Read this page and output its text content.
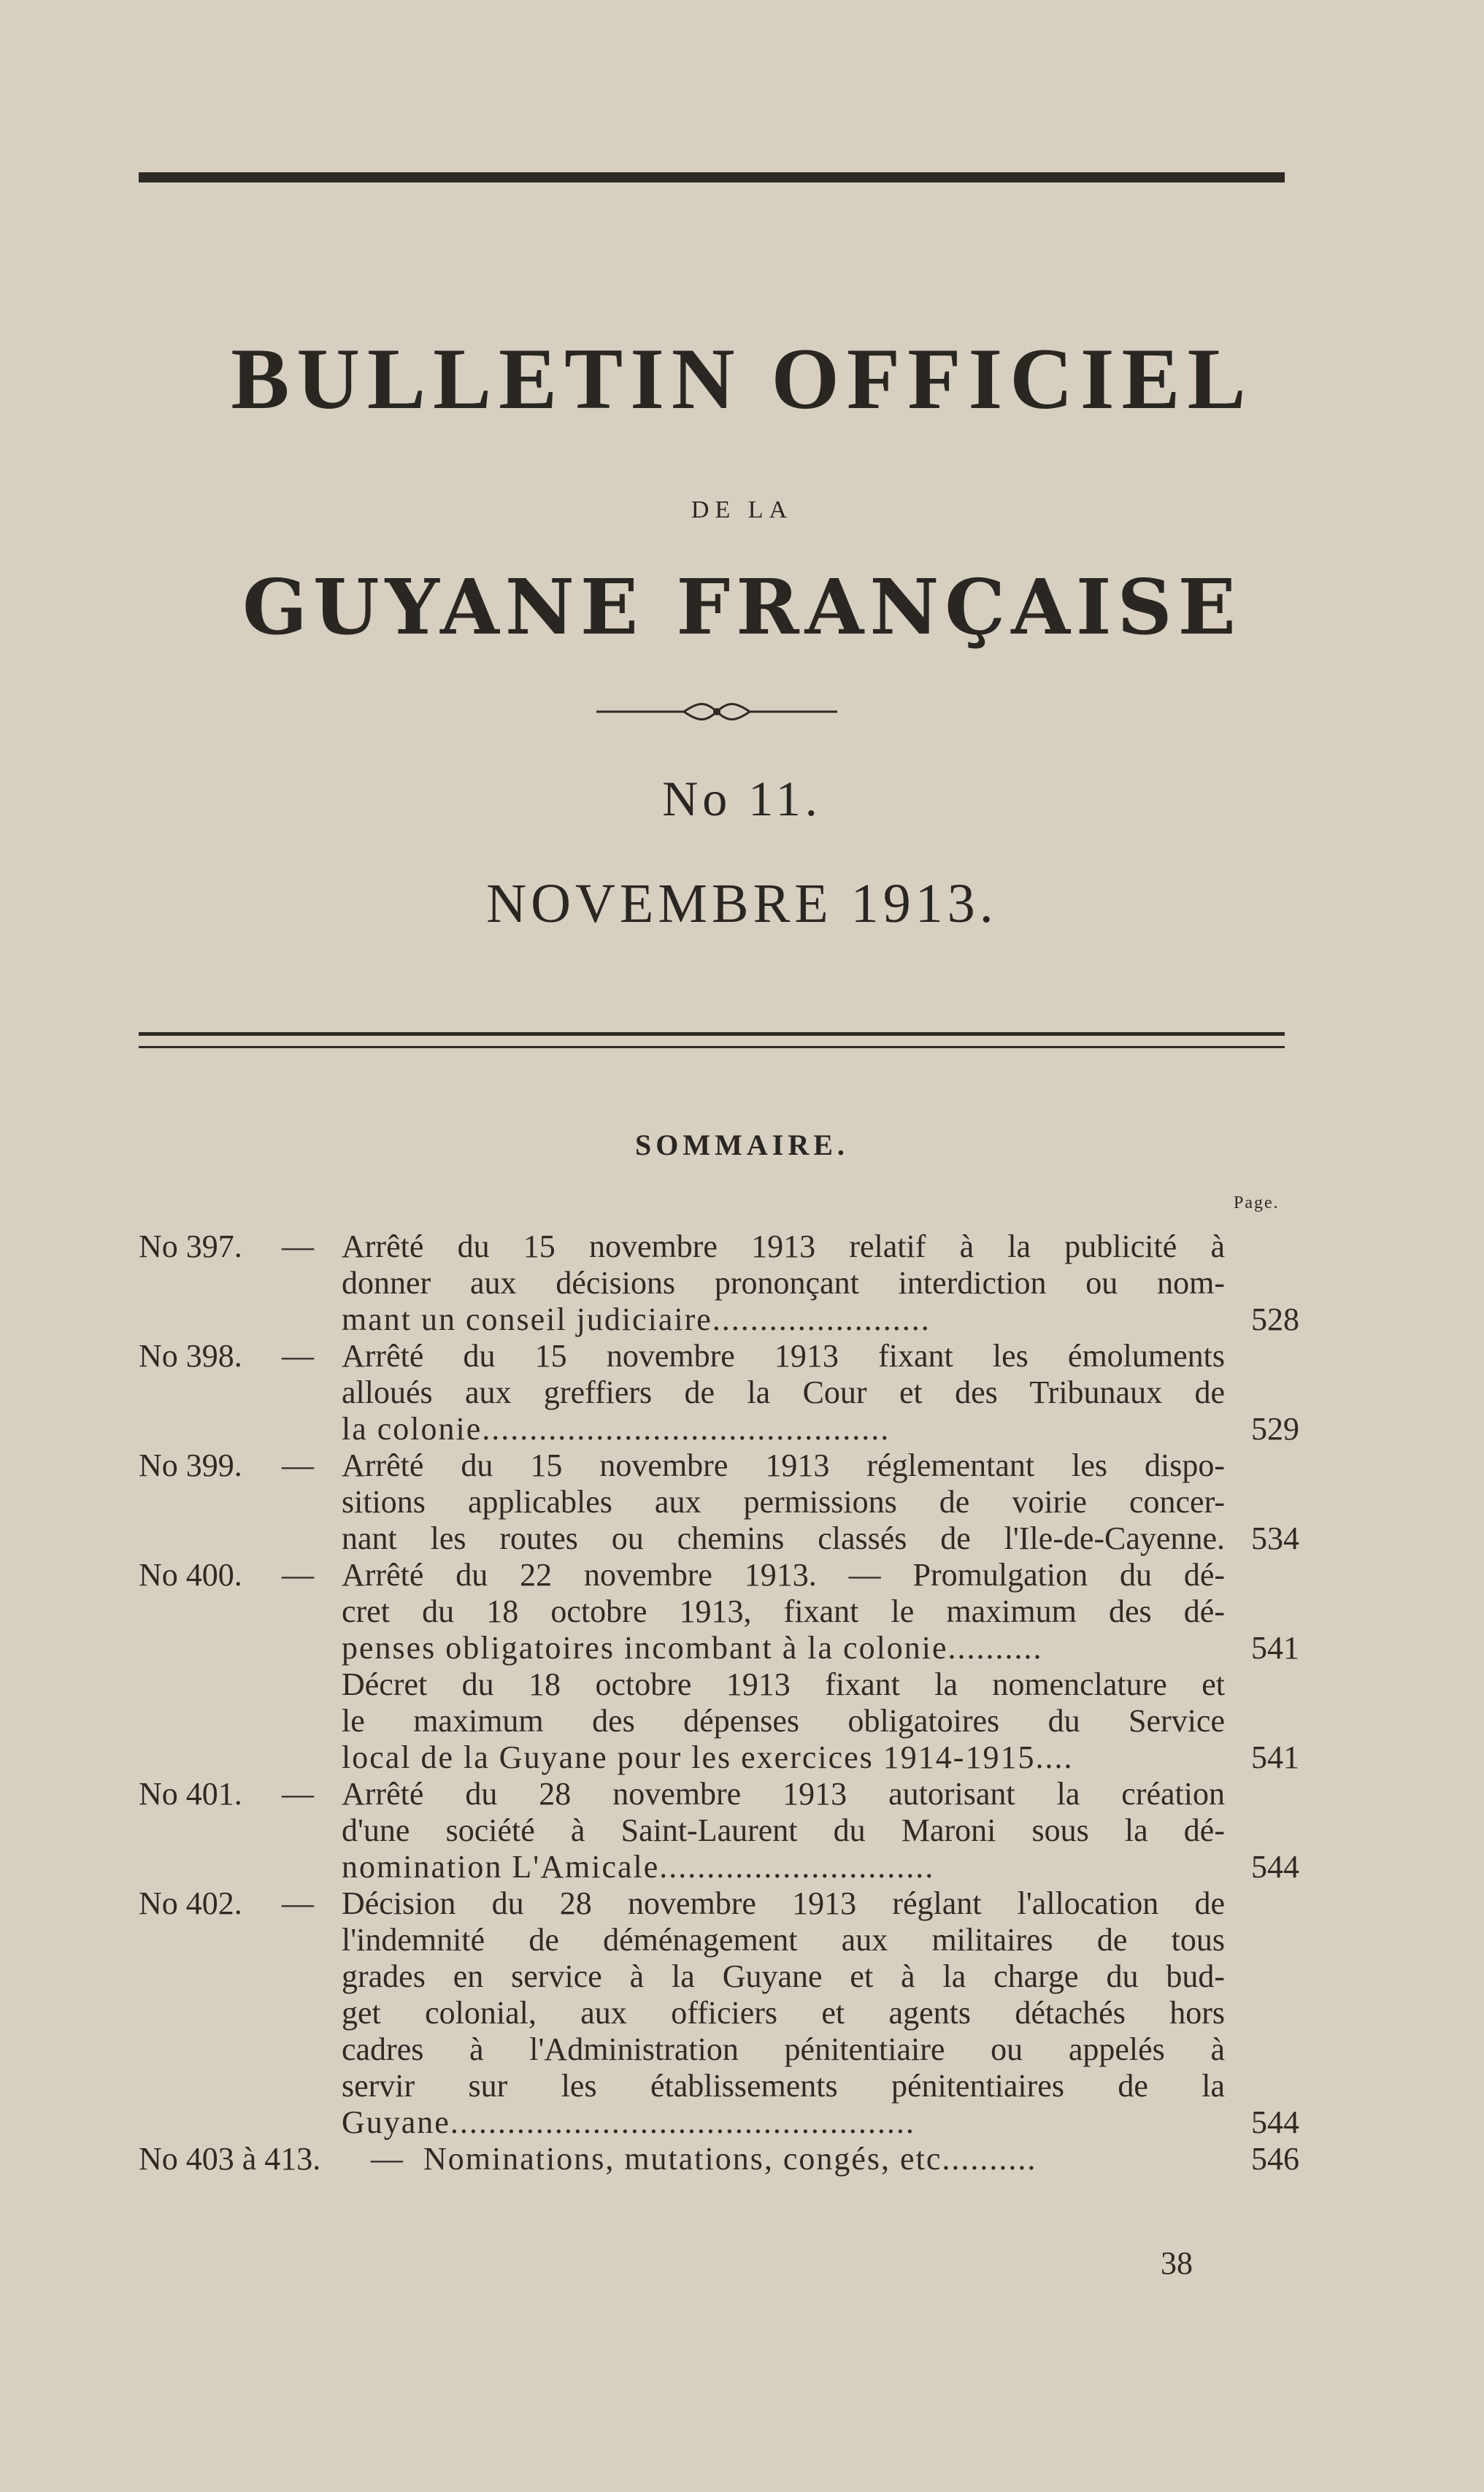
BULLETIN OFFICIEL
DE LA
GUYANE FRANÇAISE
No 11.
NOVEMBRE 1913.
SOMMAIRE.
Page.
No 397. — Arrêté du 15 novembre 1913 relatif à la publicité à
donner aux décisions prononçant interdiction ou nom-
mant un conseil judiciaire.......................	528
No 398. — Arrêté du 15 novembre 1913 fixant les émoluments
alloués aux greffiers de la Cour et des Tribunaux de
la colonie...........................................	529
No 399. — Arrêté du 15 novembre 1913 réglementant les dispo-
sitions applicables aux permissions de voirie concer-
nant les routes ou chemins classés de l'Ile-de-Cayenne. 534
No 400. — Arrêté du 22 novembre 1913. — Promulgation du dé-
cret du 18 octobre 1913, fixant le maximum des dé-
penses obligatoires incombant à la colonie..........	541
Décret du 18 octobre 1913 fixant la nomenclature et
le maximum des dépenses obligatoires du Service
local de la Guyane pour les exercices 1914-1915....	541
No 401. — Arrêté du 28 novembre 1913 autorisant la création
d'une société à Saint-Laurent du Maroni sous la dé-
nomination L'Amicale.............................	544
No 402. — Décision du 28 novembre 1913 réglant l'allocation de
l'indemnité de déménagement aux militaires de tous
grades en service à la Guyane et à la charge du bud-
get colonial, aux officiers et agents détachés hors
cadres à l'Administration pénitentiaire ou appelés à
servir sur les établissements pénitentiaires de la
Guyane.................................................	544
No 403 à 413. — Nominations, mutations, congés, etc..........	546
38
